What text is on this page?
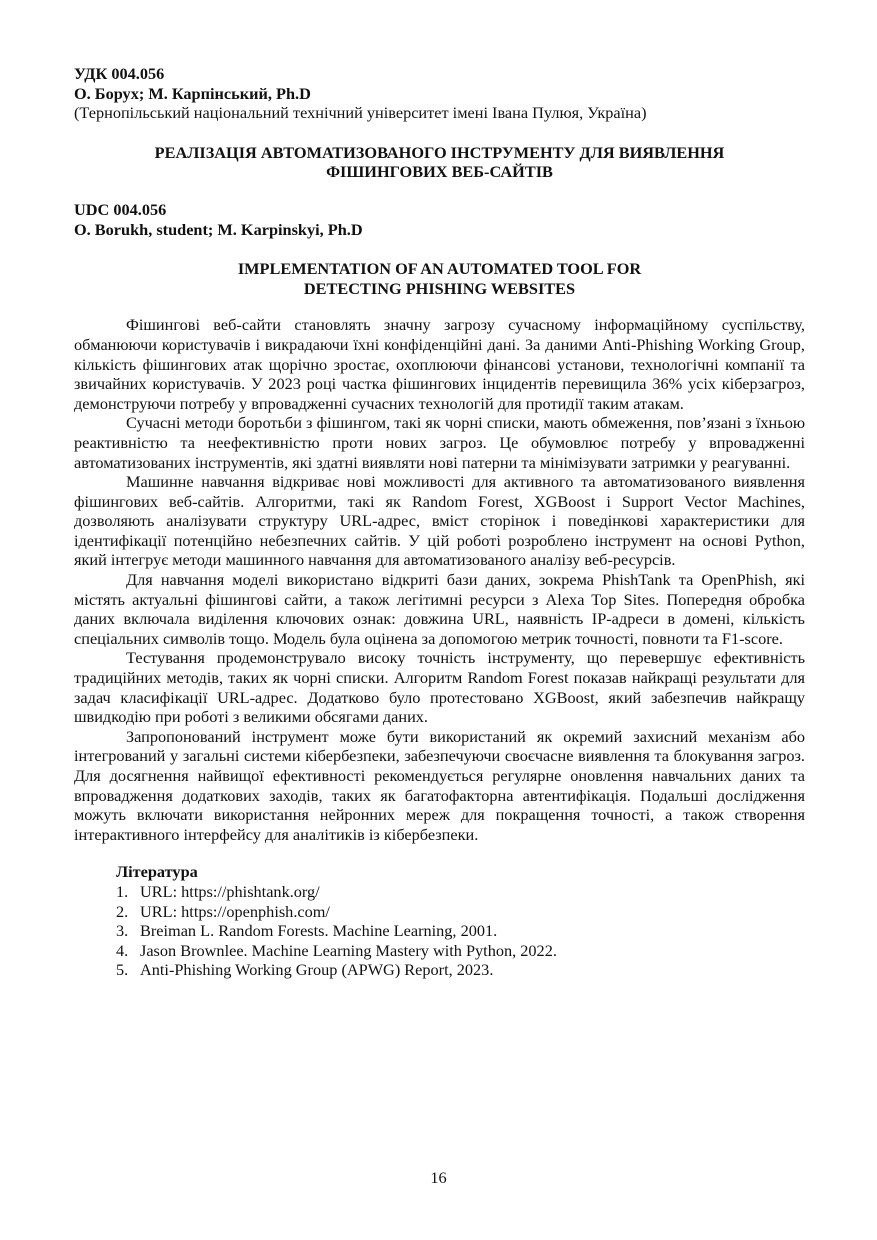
УДК 004.056

О. Борух; М. Карпінський, Ph.D

(Тернопільський національний технічний університет імені Івана Пулюя, Україна)

РЕАЛІЗАЦІЯ АВТОМАТИЗОВАНОГО ІНСТРУМЕНТУ ДЛЯ ВИЯВЛЕННЯ
ФІШИНГОВИХ ВЕБ-САЙТІВ

UDC 004.056

O. Borukh, student; M. Karpinskyi, Ph.D

IMPLEMENTATION OF AN AUTOMATED TOOL FOR
DETECTING PHISHING WEBSITES

Фішингові веб-сайти становлять значну загрозу сучасному інформаційному суспільству, обманюючи користувачів і викрадаючи їхні конфіденційні дані. За даними Anti-Phishing Working Group, кількість фішингових атак щорічно зростає, охоплюючи фінансові установи, технологічні компанії та звичайних користувачів. У 2023 році частка фішингових інцидентів перевищила 36% усіх кіберзагроз, демонструючи потребу у впровадженні сучасних технологій для протидії таким атакам.

Сучасні методи боротьби з фішингом, такі як чорні списки, мають обмеження, пов’язані з їхньою реактивністю та неефективністю проти нових загроз. Це обумовлює потребу у впровадженні автоматизованих інструментів, які здатні виявляти нові патерни та мінімізувати затримки у реагуванні.

Машинне навчання відкриває нові можливості для активного та автоматизованого виявлення фішингових веб-сайтів. Алгоритми, такі як Random Forest, XGBoost і Support Vector Machines, дозволяють аналізувати структуру URL-адрес, вміст сторінок і поведінкові характеристики для ідентифікації потенційно небезпечних сайтів. У цій роботі розроблено інструмент на основі Python, який інтегрує методи машинного навчання для автоматизованого аналізу веб-ресурсів.

Для навчання моделі використано відкриті бази даних, зокрема PhishTank та OpenPhish, які містять актуальні фішингові сайти, а також легітимні ресурси з Alexa Top Sites. Попередня обробка даних включала виділення ключових ознак: довжина URL, наявність IP-адреси в домені, кількість спеціальних символів тощо. Модель була оцінена за допомогою метрик точності, повноти та F1-score.

Тестування продемонструвало високу точність інструменту, що перевершує ефективність традиційних методів, таких як чорні списки. Алгоритм Random Forest показав найкращі результати для задач класифікації URL-адрес. Додатково було протестовано XGBoost, який забезпечив найкращу швидкодію при роботі з великими обсягами даних.

Запропонований інструмент може бути використаний як окремий захисний механізм або інтегрований у загальні системи кібербезпеки, забезпечуючи своєчасне виявлення та блокування загроз. Для досягнення найвищої ефективності рекомендується регулярне оновлення навчальних даних та впровадження додаткових заходів, таких як багатофакторна автентифікація. Подальші дослідження можуть включати використання нейронних мереж для покращення точності, а також створення інтерактивного інтерфейсу для аналітиків із кібербезпеки.

Література

1. URL: https://phishtank.org/
2. URL: https://openphish.com/
3. Breiman L. Random Forests. Machine Learning, 2001.
4. Jason Brownlee. Machine Learning Mastery with Python, 2022.
5. Anti-Phishing Working Group (APWG) Report, 2023.
16
